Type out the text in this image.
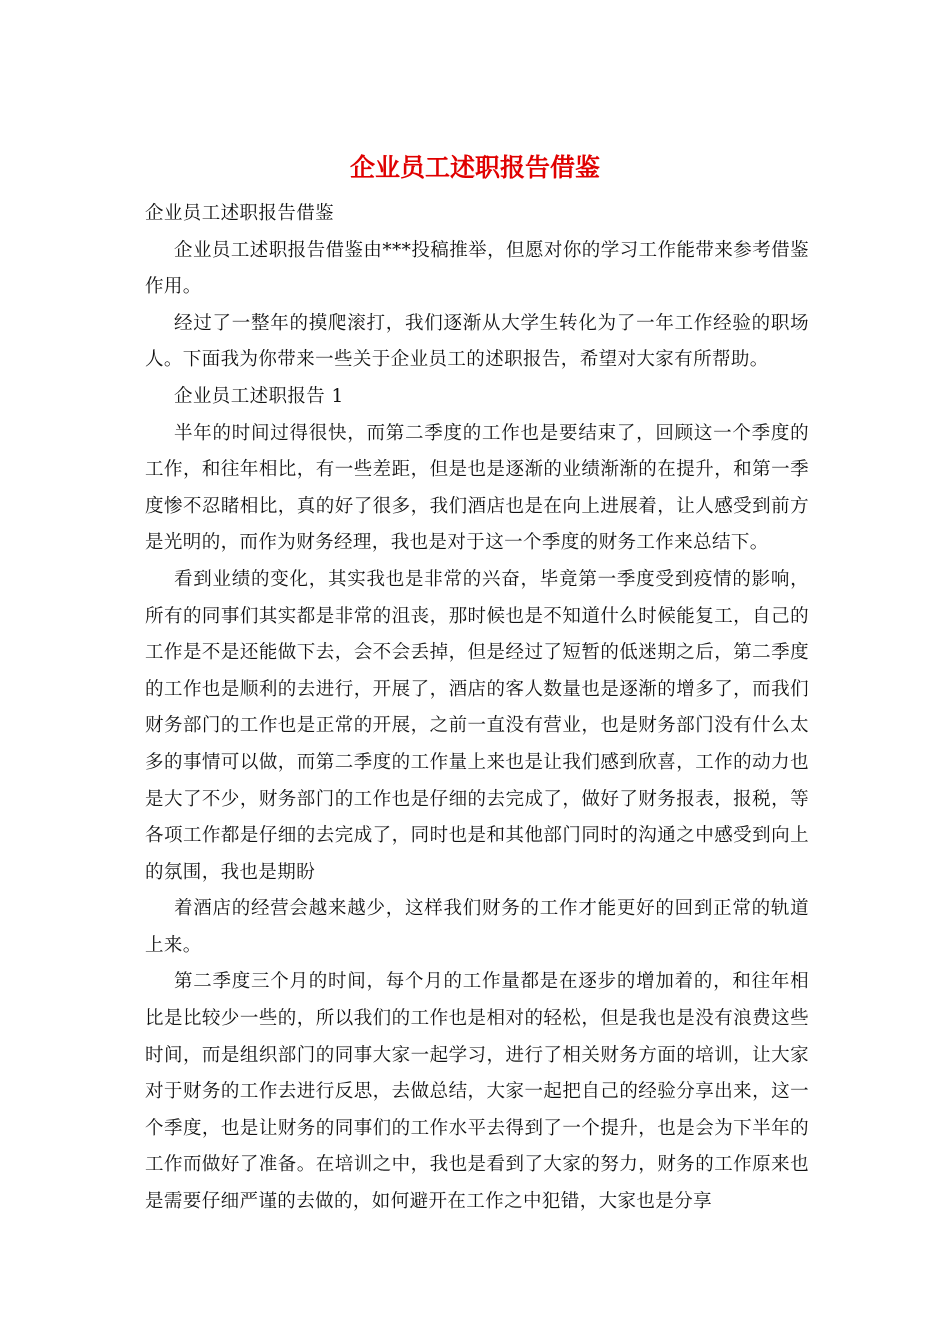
企业员工述职报告借鉴

企业员工述职报告借鉴

企业员工述职报告借鉴由***投稿推举，但愿对你的学习工作能带来参考借鉴作用。

经过了一整年的摸爬滚打，我们逐渐从大学生转化为了一年工作经验的职场人。下面我为你带来一些关于企业员工的述职报告，希望对大家有所帮助。

企业员工述职报告 1

半年的时间过得很快，而第二季度的工作也是要结束了，回顾这一个季度的工作，和往年相比，有一些差距，但是也是逐渐的业绩渐渐的在提升，和第一季度惨不忍睹相比，真的好了很多，我们酒店也是在向上进展着，让人感受到前方是光明的，而作为财务经理，我也是对于这一个季度的财务工作来总结下。

看到业绩的变化，其实我也是非常的兴奋，毕竟第一季度受到疫情的影响，所有的同事们其实都是非常的沮丧，那时候也是不知道什么时候能复工，自己的工作是不是还能做下去，会不会丢掉，但是经过了短暂的低迷期之后，第二季度的工作也是顺利的去进行，开展了，酒店的客人数量也是逐渐的增多了，而我们财务部门的工作也是正常的开展，之前一直没有营业，也是财务部门没有什么太多的事情可以做，而第二季度的工作量上来也是让我们感到欣喜，工作的动力也是大了不少，财务部门的工作也是仔细的去完成了，做好了财务报表，报税，等各项工作都是仔细的去完成了，同时也是和其他部门同时的沟通之中感受到向上的氛围，我也是期盼

着酒店的经营会越来越少，这样我们财务的工作才能更好的回到正常的轨道上来。

第二季度三个月的时间，每个月的工作量都是在逐步的增加着的，和往年相比是比较少一些的，所以我们的工作也是相对的轻松，但是我也是没有浪费这些时间，而是组织部门的同事大家一起学习，进行了相关财务方面的培训，让大家对于财务的工作去进行反思，去做总结，大家一起把自己的经验分享出来，这一个季度，也是让财务的同事们的工作水平去得到了一个提升，也是会为下半年的工作而做好了准备。在培训之中，我也是看到了大家的努力，财务的工作原来也是需要仔细严谨的去做的，如何避开在工作之中犯错，大家也是分享
